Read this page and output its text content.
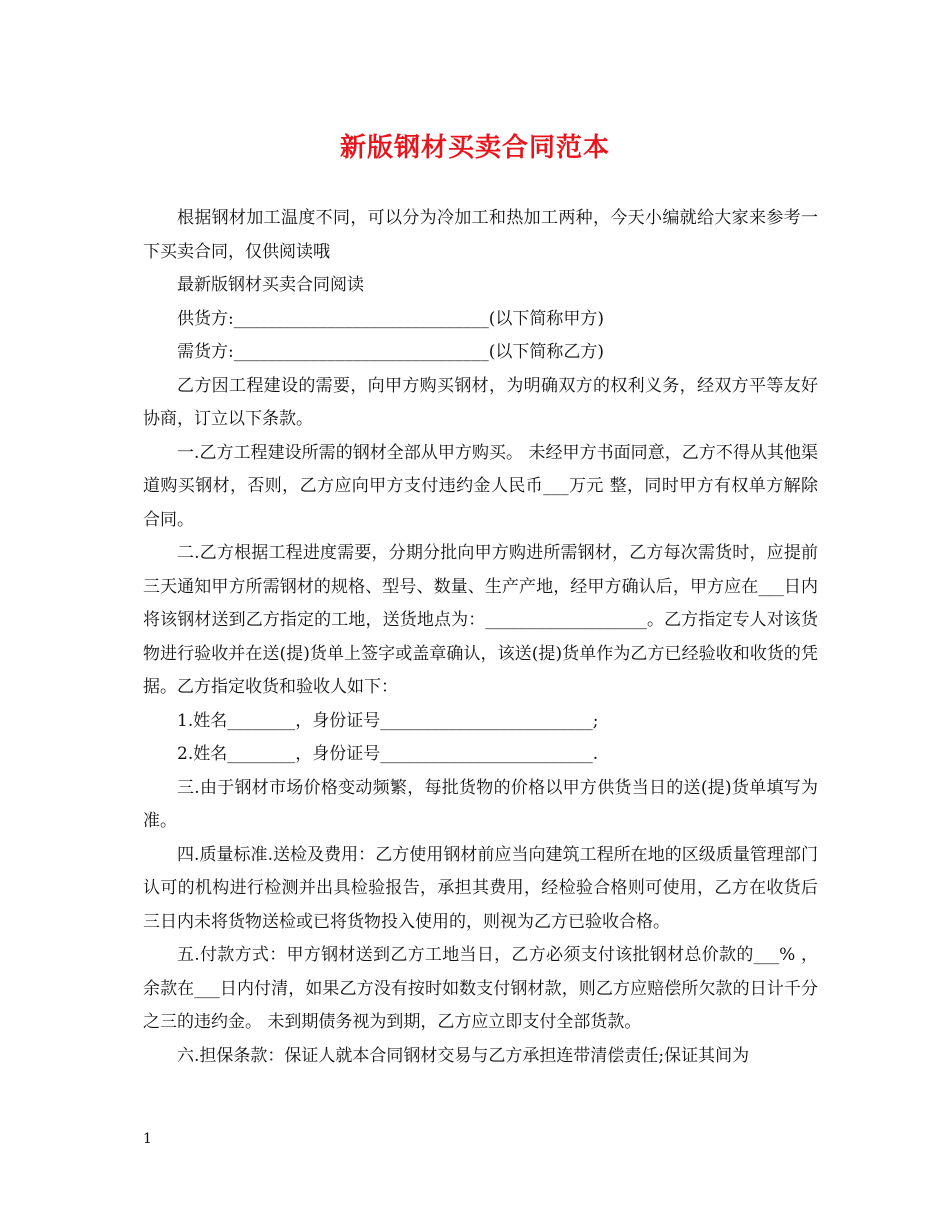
新版钢材买卖合同范本

根据钢材加工温度不同，可以分为冷加工和热加工两种，今天小编就给大家来参考一下买卖合同，仅供阅读哦

最新版钢材买卖合同阅读

供货方:______________________________(以下简称甲方)

需货方:______________________________(以下简称乙方)

乙方因工程建设的需要，向甲方购买钢材，为明确双方的权利义务，经双方平等友好协商，订立以下条款。

一.乙方工程建设所需的钢材全部从甲方购买。 未经甲方书面同意，乙方不得从其他渠道购买钢材，否则，乙方应向甲方支付违约金人民币___万元 整，同时甲方有权单方解除合同。

二.乙方根据工程进度需要，分期分批向甲方购进所需钢材，乙方每次需货时，应提前三天通知甲方所需钢材的规格、型号、数量、生产产地，经甲方确认后，甲方应在___日内将该钢材送到乙方指定的工地，送货地点为：___________________。乙方指定专人对该货物进行验收并在送(提)货单上签字或盖章确认，该送(提)货单作为乙方已经验收和收货的凭据。乙方指定收货和验收人如下：

1.姓名________，身份证号_________________________;

2.姓名________，身份证号_________________________.

三.由于钢材市场价格变动频繁，每批货物的价格以甲方供货当日的送(提)货单填写为准。

四.质量标准.送检及费用：乙方使用钢材前应当向建筑工程所在地的区级质量管理部门认可的机构进行检测并出具检验报告，承担其费用，经检验合格则可使用，乙方在收货后三日内未将货物送检或已将货物投入使用的，则视为乙方已验收合格。

五.付款方式：甲方钢材送到乙方工地当日，乙方必须支付该批钢材总价款的___% ，余款在___日内付清，如果乙方没有按时如数支付钢材款，则乙方应赔偿所欠款的日计千分之三的违约金。 未到期债务视为到期，乙方应立即支付全部货款。

六.担保条款：保证人就本合同钢材交易与乙方承担连带清偿责任;保证其间为

1
